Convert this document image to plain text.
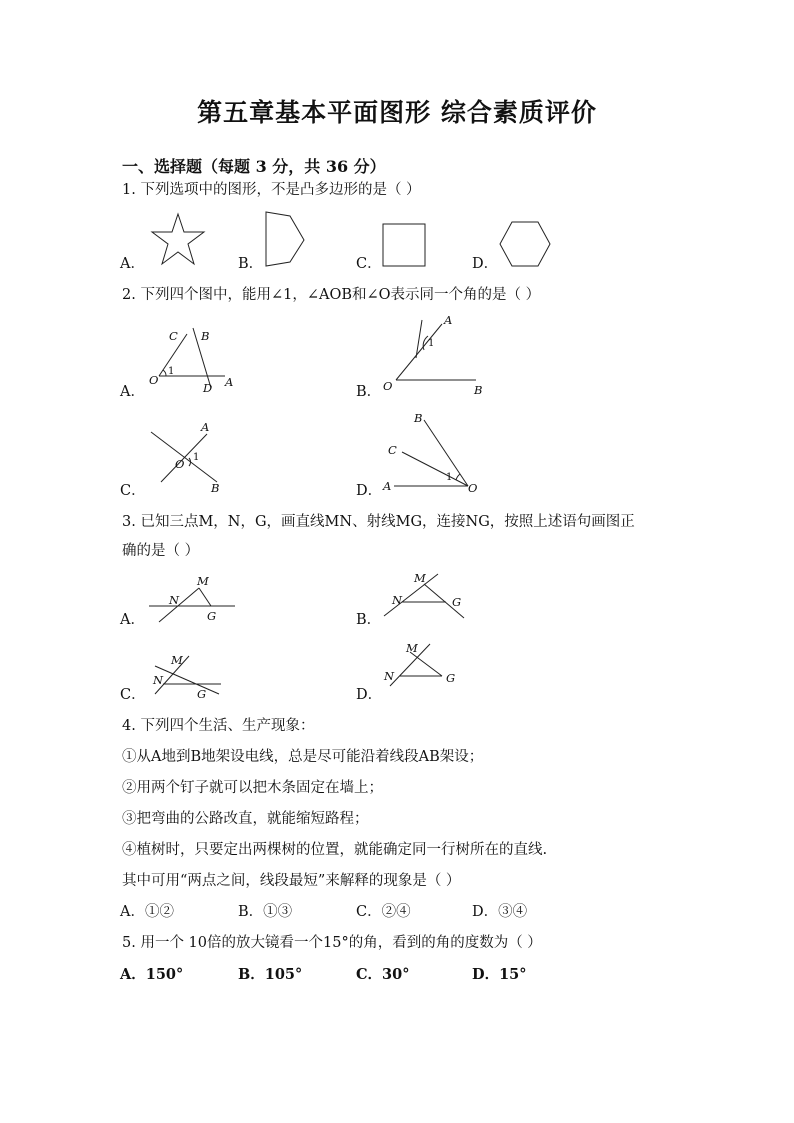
第五章基本平面图形 综合素质评价
一、选择题（每题 3 分，共 36 分）
1. 下列选项中的图形，不是凸多边形的是（ ）
A．	B．	C．	D．
2. 下列四个图中，能用∠1，∠AOB和∠O表示同一个角的是（ ）
A．	B．
C．	D．
C B
O
1
D A
A
1
O	B
A
O 1
B
B
C
1
A	O
3. 已知三点M，N，G，画直线MN、射线MG，连接NG，按照上述语句画图正
确的是（ ）
A．	B．
C．	D．
M
N
G
M
N	G
M
N
G
M
N	G
4. 下列四个生活、生产现象：
①从A地到B地架设电线，总是尽可能沿着线段AB架设；
②用两个钉子就可以把木条固定在墙上；
③把弯曲的公路改直，就能缩短路程；
④植树时，只要定出两棵树的位置，就能确定同一行树所在的直线.
其中可用“两点之间，线段最短”来解释的现象是（ ）
A．①②	B．①③	C．②④	D．③④
5. 用一个 10倍的放大镜看一个15°的角，看到的角的度数为（ ）
A．150°	B．105°	C．30°	D．15°
